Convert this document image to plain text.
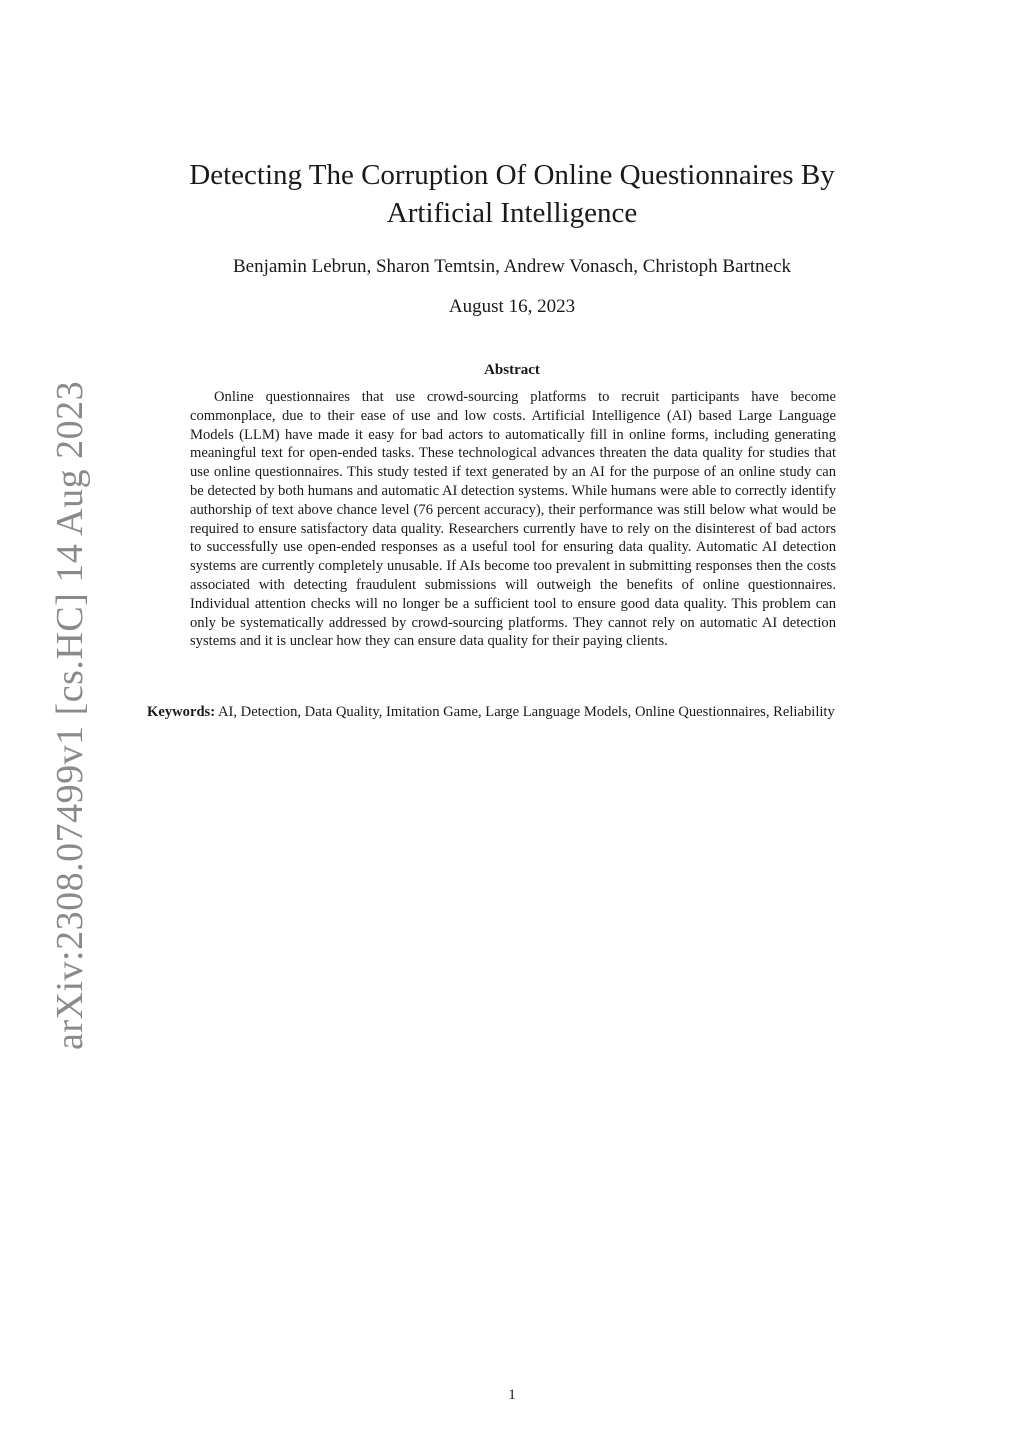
arXiv:2308.07499v1 [cs.HC] 14 Aug 2023
Detecting The Corruption Of Online Questionnaires By Artificial Intelligence
Benjamin Lebrun, Sharon Temtsin, Andrew Vonasch, Christoph Bartneck
August 16, 2023
Abstract

Online questionnaires that use crowd-sourcing platforms to recruit participants have become commonplace, due to their ease of use and low costs. Artificial Intelligence (AI) based Large Language Models (LLM) have made it easy for bad actors to automatically fill in online forms, including generating meaningful text for open-ended tasks. These technological advances threaten the data quality for studies that use online questionnaires. This study tested if text generated by an AI for the purpose of an online study can be detected by both humans and automatic AI detection systems. While humans were able to correctly identify authorship of text above chance level (76 percent accuracy), their performance was still below what would be required to ensure satisfactory data quality. Researchers currently have to rely on the disinterest of bad actors to successfully use open-ended responses as a useful tool for ensuring data quality. Automatic AI detection systems are currently completely unusable. If AIs become too prevalent in submitting responses then the costs associated with detecting fraudulent submissions will outweigh the benefits of online questionnaires. Individual attention checks will no longer be a sufficient tool to ensure good data quality. This problem can only be systematically addressed by crowd-sourcing platforms. They cannot rely on automatic AI detection systems and it is unclear how they can ensure data quality for their paying clients.

Keywords: AI, Detection, Data Quality, Imitation Game, Large Language Models, Online Questionnaires, Reliability

1
